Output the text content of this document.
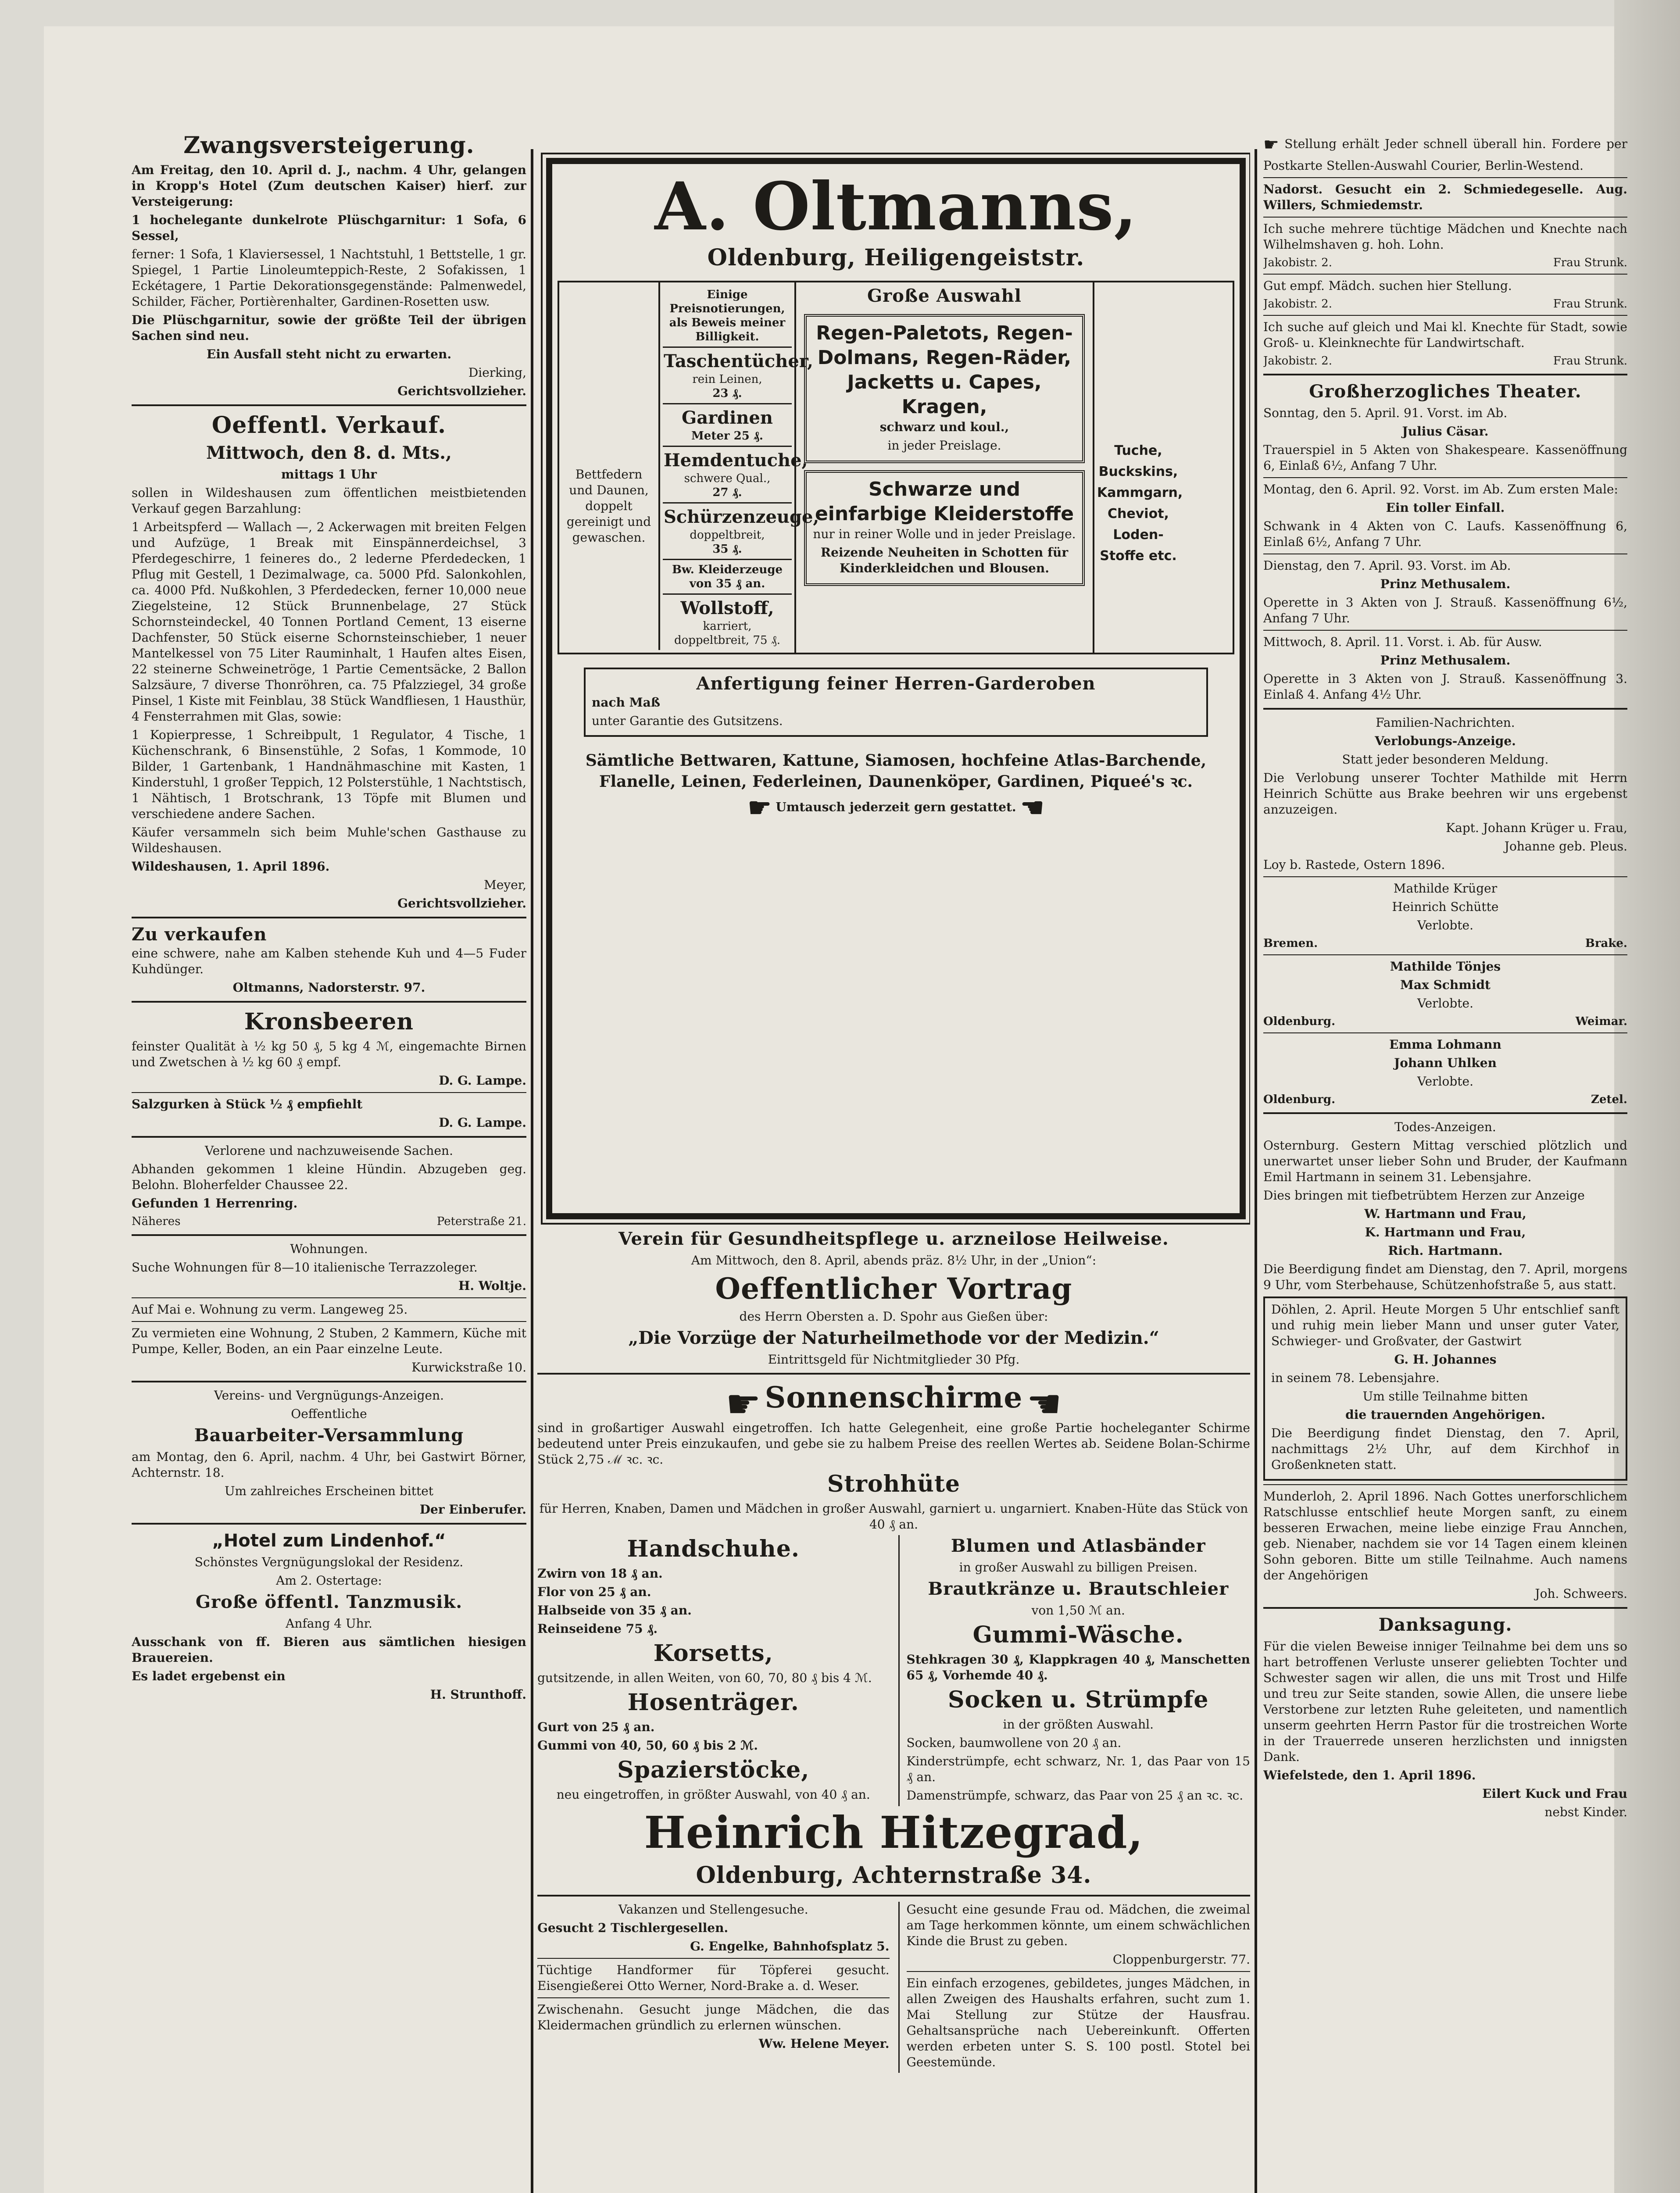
Zwangsversteigerung.

Am Freitag, den 10. April d. J., nachm. 4 Uhr, gelangen in Kropp's Hotel (Zum deutschen Kaiser) hierf. zur Versteigerung:

1 hochelegante dunkelrote Plüschgarnitur: 1 Sofa, 6 Sessel,

ferner: 1 Sofa, 1 Klaviersessel, 1 Nachtstuhl, 1 Bettstelle, 1 gr. Spiegel, 1 Partie Linoleumteppich-Reste, 2 Sofakissen, 1 Eckétagere, 1 Partie Dekorationsgegenstände: Palmenwedel, Schilder, Fächer, Portièrenhalter, Gardinen-Rosetten usw.

Die Plüschgarnitur, sowie der größte Teil der übrigen Sachen sind neu.

Ein Ausfall steht nicht zu erwarten.

Dierking,

Gerichtsvollzieher.

Oeffentl. Verkauf.
Mittwoch, den 8. d. Mts.,
mittags 1 Uhr

sollen in Wildeshausen zum öffentlichen meistbietenden Verkauf gegen Barzahlung:

1 Arbeitspferd — Wallach —, 2 Ackerwagen mit breiten Felgen und Aufzüge, 1 Break mit Einspännerdeichsel, 3 Pferdegeschirre, 1 feineres do., 2 lederne Pferdedecken, 1 Pflug mit Gestell, 1 Dezimalwage, ca. 5000 Pfd. Salonkohlen, ca. 4000 Pfd. Nußkohlen, 3 Pferdedecken, ferner 10,000 neue Ziegelsteine, 12 Stück Brunnenbelage, 27 Stück Schornsteindeckel, 40 Tonnen Portland Cement, 13 eiserne Dachfenster, 50 Stück eiserne Schornsteinschieber, 1 neuer Mantelkessel von 75 Liter Rauminhalt, 1 Haufen altes Eisen, 22 steinerne Schweinetröge, 1 Partie Cementsäcke, 2 Ballon Salzsäure, 7 diverse Thonröhren, ca. 75 Pfalzziegel, 34 große Pinsel, 1 Kiste mit Feinblau, 38 Stück Wandfliesen, 1 Hausthür, 4 Fensterrahmen mit Glas, sowie:

1 Kopierpresse, 1 Schreibpult, 1 Regulator, 4 Tische, 1 Küchenschrank, 6 Binsenstühle, 2 Sofas, 1 Kommode, 10 Bilder, 1 Gartenbank, 1 Handnähmaschine mit Kasten, 1 Kinderstuhl, 1 großer Teppich, 12 Polsterstühle, 1 Nachtstisch, 1 Nähtisch, 1 Brotschrank, 13 Töpfe mit Blumen und verschiedene andere Sachen.

Käufer versammeln sich beim Muhle'schen Gasthause zu Wildeshausen.

Wildeshausen, 1. April 1896.

Meyer,

Gerichtsvollzieher.

Zu verkaufen

eine schwere, nahe am Kalben stehende Kuh und 4—5 Fuder Kuhdünger.

Oltmanns, Nadorsterstr. 97.

Kronsbeeren

feinster Qualität à ½ kg 50 ₰, 5 kg 4 ℳ, eingemachte Birnen und Zwetschen à ½ kg 60 ₰ empf.

D. G. Lampe.

Salzgurken à Stück ½ ₰ empfiehlt

D. G. Lampe.

Verlorene und nachzuweisende Sachen.

Abhanden gekommen 1 kleine Hündin. Abzugeben geg. Belohn. Bloherfelder Chaussee 22.

Gefunden 1 Herrenring.

Näheres	Peterstraße 21.

Wohnungen.

Suche Wohnungen für 8—10 italienische Terrazzoleger.

H. Woltje.

Auf Mai e. Wohnung zu verm. Langeweg 25.

Zu vermieten eine Wohnung, 2 Stuben, 2 Kammern, Küche mit Pumpe, Keller, Boden, an ein Paar einzelne Leute.

Kurwickstraße 10.

Vereins- und Vergnügungs-Anzeigen.

Oeffentliche

Bauarbeiter-Versammlung

am Montag, den 6. April, nachm. 4 Uhr, bei Gastwirt Börner, Achternstr. 18.

Um zahlreiches Erscheinen bittet

Der Einberufer.

„Hotel zum Lindenhof.“

Schönstes Vergnügungslokal der Residenz.

Am 2. Ostertage:

Große öffentl. Tanzmusik.

Anfang 4 Uhr.

Ausschank von ff. Bieren aus sämtlichen hiesigen Brauereien.

Es ladet ergebenst ein

H. Strunthoff.

A. Oltmanns,
Oldenburg, Heiligengeiststr.
Bettfedern und Daunen, doppelt gereinigt und gewaschen.
Einige Preisnotierungen, als Beweis meiner Billigkeit.
Taschentücher,
rein Leinen,
23 ₰.
Gardinen
Meter 25 ₰.
Hemdentuche,
schwere Qual.,
27 ₰.
Schürzenzeuge,
doppeltbreit,
35 ₰.
Bw. Kleiderzeuge
von 35 ₰ an.
Wollstoff,
karriert, doppeltbreit, 75 ₰.
Große Auswahl
Regen-Paletots, Regen-Dolmans, Regen-Räder, Jacketts u. Capes, Kragen,
schwarz und koul.,
in jeder Preislage.
Schwarze und einfarbige Kleiderstoffe
nur in reiner Wolle und in jeder Preislage.
Reizende Neuheiten in Schotten für Kinderkleidchen und Blousen.
Tuche, Buckskins, Kammgarn, Cheviot, Loden-Stoffe etc.
Anfertigung feiner Herren-Garderoben
nach Maß
unter Garantie des Gutsitzens.

Sämtliche Bettwaren, Kattune, Siamosen, hochfeine Atlas-Barchende, Flanelle, Leinen, Federleinen, Daunenköper, Gardinen, Piqueé's ꝛc.

☛ Umtausch jederzeit gern gestattet. ☚

Verein für Gesundheitspflege u. arzneilose Heilweise.

Am Mittwoch, den 8. April, abends präz. 8½ Uhr, in der „Union“:

Oeffentlicher Vortrag

des Herrn Obersten a. D. Spohr aus Gießen über:

„Die Vorzüge der Naturheilmethode vor der Medizin.“

Eintrittsgeld für Nichtmitglieder 30 Pfg.

☛ Sonnenschirme ☚

sind in großartiger Auswahl eingetroffen. Ich hatte Gelegenheit, eine große Partie hocheleganter Schirme bedeutend unter Preis einzukaufen, und gebe sie zu halbem Preise des reellen Wertes ab. Seidene Bolan-Schirme Stück 2,75 ℳ ꝛc. ꝛc.

Strohhüte

für Herren, Knaben, Damen und Mädchen in großer Auswahl, garniert u. ungarniert. Knaben-Hüte das Stück von 40 ₰ an.

Handschuhe.

Zwirn von 18 ₰ an.

Flor von 25 ₰ an.

Halbseide von 35 ₰ an.

Reinseidene 75 ₰.

Korsetts,

gutsitzende, in allen Weiten, von 60, 70, 80 ₰ bis 4 ℳ.

Hosenträger.

Gurt von 25 ₰ an.

Gummi von 40, 50, 60 ₰ bis 2 ℳ.

Spazierstöcke,

neu eingetroffen, in größter Auswahl, von 40 ₰ an.

Blumen und Atlasbänder

in großer Auswahl zu billigen Preisen.

Brautkränze u. Brautschleier

von 1,50 ℳ an.

Gummi-Wäsche.

Stehkragen 30 ₰, Klappkragen 40 ₰, Manschetten 65 ₰, Vorhemde 40 ₰.

Socken u. Strümpfe

in der größten Auswahl.

Socken, baumwollene von 20 ₰ an.

Kinderstrümpfe, echt schwarz, Nr. 1, das Paar von 15 ₰ an.

Damenstrümpfe, schwarz, das Paar von 25 ₰ an ꝛc. ꝛc.

Heinrich Hitzegrad,
Oldenburg, Achternstraße 34.

Vakanzen und Stellengesuche.

Gesucht 2 Tischlergesellen.

G. Engelke, Bahnhofsplatz 5.

Tüchtige Handformer für Töpferei gesucht. Eisengießerei Otto Werner, Nord-Brake a. d. Weser.

Zwischenahn. Gesucht junge Mädchen, die das Kleidermachen gründlich zu erlernen wünschen.

Ww. Helene Meyer.

Gesucht eine gesunde Frau od. Mädchen, die zweimal am Tage herkommen könnte, um einem schwächlichen Kinde die Brust zu geben.

Cloppenburgerstr. 77.

Ein einfach erzogenes, gebildetes, junges Mädchen, in allen Zweigen des Haushalts erfahren, sucht zum 1. Mai Stellung zur Stütze der Hausfrau. Gehaltsansprüche nach Uebereinkunft. Offerten werden erbeten unter S. S. 100 postl. Stotel bei Geestemünde.

☛ Stellung erhält Jeder schnell überall hin. Fordere per Postkarte Stellen-Auswahl Courier, Berlin-Westend.

Nadorst. Gesucht ein 2. Schmiedegeselle. Aug. Willers, Schmiedemstr.

Ich suche mehrere tüchtige Mädchen und Knechte nach Wilhelmshaven g. hoh. Lohn.

Jakobistr. 2.	Frau Strunk.

Gut empf. Mädch. suchen hier Stellung.

Jakobistr. 2.	Frau Strunk.

Ich suche auf gleich und Mai kl. Knechte für Stadt, sowie Groß- u. Kleinknechte für Landwirtschaft.

Jakobistr. 2.	Frau Strunk.
Großherzogliches Theater.

Sonntag, den 5. April. 91. Vorst. im Ab.

Julius Cäsar.

Trauerspiel in 5 Akten von Shakespeare. Kassenöffnung 6, Einlaß 6½, Anfang 7 Uhr.

Montag, den 6. April. 92. Vorst. im Ab. Zum ersten Male:

Ein toller Einfall.

Schwank in 4 Akten von C. Laufs. Kassenöffnung 6, Einlaß 6½, Anfang 7 Uhr.

Dienstag, den 7. April. 93. Vorst. im Ab.

Prinz Methusalem.

Operette in 3 Akten von J. Strauß. Kassenöffnung 6½, Anfang 7 Uhr.

Mittwoch, 8. April. 11. Vorst. i. Ab. für Ausw.

Prinz Methusalem.

Operette in 3 Akten von J. Strauß. Kassenöffnung 3. Einlaß 4. Anfang 4½ Uhr.

Familien-Nachrichten.

Verlobungs-Anzeige.

Statt jeder besonderen Meldung.

Die Verlobung unserer Tochter Mathilde mit Herrn Heinrich Schütte aus Brake beehren wir uns ergebenst anzuzeigen.

Kapt. Johann Krüger u. Frau,

Johanne geb. Pleus.

Loy b. Rastede, Ostern 1896.

Mathilde Krüger

Heinrich Schütte

Verlobte.

Bremen.	Brake.

Mathilde Tönjes

Max Schmidt

Verlobte.

Oldenburg.	Weimar.

Emma Lohmann

Johann Uhlken

Verlobte.

Oldenburg.	Zetel.

Todes-Anzeigen.

Osternburg. Gestern Mittag verschied plötzlich und unerwartet unser lieber Sohn und Bruder, der Kaufmann Emil Hartmann in seinem 31. Lebensjahre.

Dies bringen mit tiefbetrübtem Herzen zur Anzeige

W. Hartmann und Frau,

K. Hartmann und Frau,

Rich. Hartmann.

Die Beerdigung findet am Dienstag, den 7. April, morgens 9 Uhr, vom Sterbehause, Schützenhofstraße 5, aus statt.

Döhlen, 2. April. Heute Morgen 5 Uhr entschlief sanft und ruhig mein lieber Mann und unser guter Vater, Schwieger- und Großvater, der Gastwirt

G. H. Johannes

in seinem 78. Lebensjahre.

Um stille Teilnahme bitten

die trauernden Angehörigen.

Die Beerdigung findet Dienstag, den 7. April, nachmittags 2½ Uhr, auf dem Kirchhof in Großenkneten statt.

Munderloh, 2. April 1896. Nach Gottes unerforschlichem Ratschlusse entschlief heute Morgen sanft, zu einem besseren Erwachen, meine liebe einzige Frau Annchen, geb. Nienaber, nachdem sie vor 14 Tagen einem kleinen Sohn geboren. Bitte um stille Teilnahme. Auch namens der Angehörigen

Joh. Schweers.

Danksagung.

Für die vielen Beweise inniger Teilnahme bei dem uns so hart betroffenen Verluste unserer geliebten Tochter und Schwester sagen wir allen, die uns mit Trost und Hilfe und treu zur Seite standen, sowie Allen, die unsere liebe Verstorbene zur letzten Ruhe geleiteten, und namentlich unserm geehrten Herrn Pastor für die trostreichen Worte in der Trauerrede unseren herzlichsten und innigsten Dank.

Wiefelstede, den 1. April 1896.

Eilert Kuck und Frau

nebst Kinder.
